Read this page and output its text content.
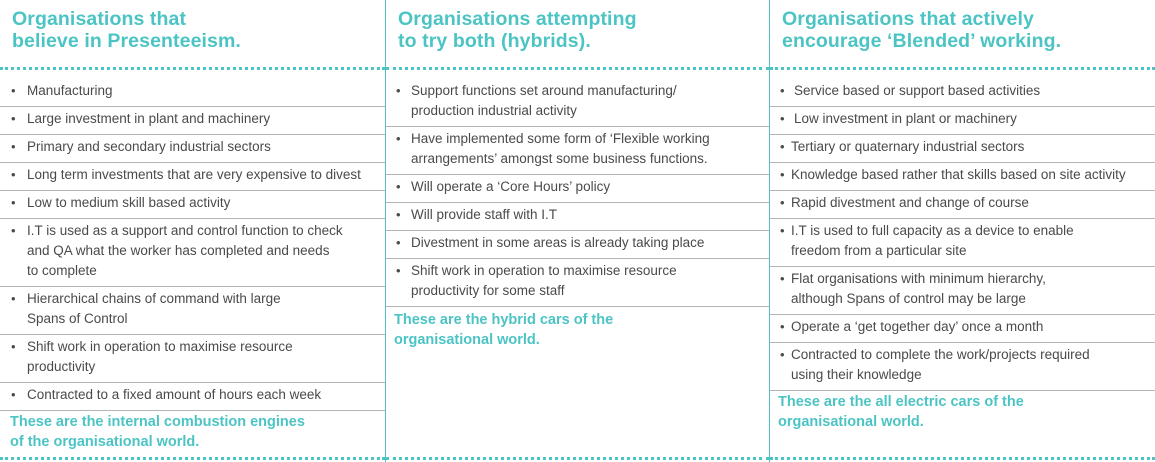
Organisations that
believe in Presenteeism.
• Manufacturing
• Large investment in plant and machinery
• Primary and secondary industrial sectors
• Long term investments that are very expensive to divest
• Low to medium skill based activity
• I.T is used as a support and control function to check
and QA what the worker has completed and needs
to complete
• Hierarchical chains of command with large
Spans of Control
• Shift work in operation to maximise resource
productivity
• Contracted to a fixed amount of hours each week
These are the internal combustion engines
of the organisational world.
Organisations attempting
to try both (hybrids).
• Support functions set around manufacturing/
production industrial activity
• Have implemented some form of ‘Flexible working
arrangements’ amongst some business functions.
• Will operate a ‘Core Hours’ policy
• Will provide staff with I.T
• Divestment in some areas is already taking place
• Shift work in operation to maximise resource
productivity for some staff
These are the hybrid cars of the
organisational world.
Organisations that actively
encourage ‘Blended’ working.
• Service based or support based activities
• Low investment in plant or machinery
• Tertiary or quaternary industrial sectors
• Knowledge based rather that skills based on site activity
• Rapid divestment and change of course
• I.T is used to full capacity as a device to enable
freedom from a particular site
• Flat organisations with minimum hierarchy,
although Spans of control may be large
• Operate a ‘get together day’ once a month
• Contracted to complete the work/projects required
using their knowledge
These are the all electric cars of the
organisational world.
